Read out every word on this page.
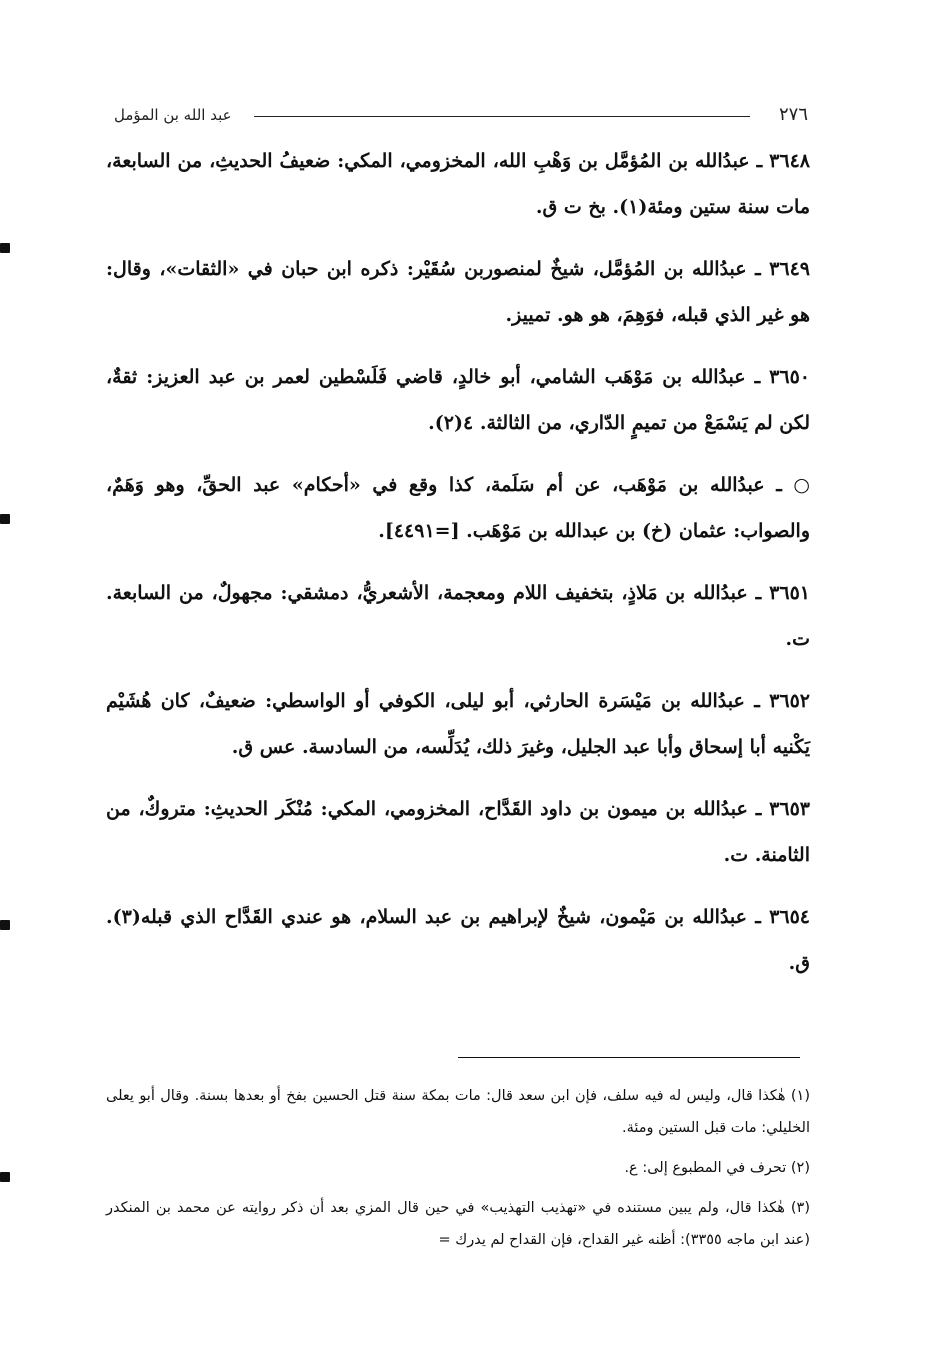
٢٧٦
عبد الله بن المؤمل

٣٦٤٨ ـ عبدُالله بن المُؤمَّل بن وَهْبِ الله، المخزومي، المكي: ضعيفُ الحديثِ، من السابعة، مات سنة ستين ومئة(١). بخ ت ق.

٣٦٤٩ ـ عبدُالله بن المُؤمَّل، شيخٌ لمنصوربن سُقَيْر: ذكره ابن حبان في «الثقات»، وقال: هو غير الذي قبله، فوَهِمَ، هو هو. تمييز.

٣٦٥٠ ـ عبدُالله بن مَوْهَب الشامي، أبو خالدٍ، قاضي فَلَسْطين لعمر بن عبد العزيز: ثقةٌ، لكن لم يَسْمَعْ من تميمٍ الدّاري، من الثالثة. ٤(٢).

○ ـ عبدُالله بن مَوْهَب، عن أم سَلَمة، كذا وقع في «أحكام» عبد الحقِّ، وهو وَهَمٌ، والصواب: عثمان (خ) بن عبدالله بن مَوْهَب. [=٤٤٩١].

٣٦٥١ ـ عبدُالله بن مَلاذٍ، بتخفيف اللام ومعجمة، الأشعريُّ، دمشقي: مجهولٌ، من السابعة. ت.

٣٦٥٢ ـ عبدُالله بن مَيْسَرة الحارثي، أبو ليلى، الكوفي أو الواسطي: ضعيفٌ، كان هُشَيْم يَكْنيه أبا إسحاق وأبا عبد الجليل، وغيرَ ذلك، يُدَلِّسه، من السادسة. عس ق.

٣٦٥٣ ـ عبدُالله بن ميمون بن داود القَدَّاح، المخزومي، المكي: مُنْكَر الحديثِ: متروكٌ، من الثامنة. ت.

٣٦٥٤ ـ عبدُالله بن مَيْمون، شيخٌ لإبراهيم بن عبد السلام، هو عندي القَدَّاح الذي قبله(٣). ق.

(١) هٰكذا قال، وليس له فيه سلف، فإن ابن سعد قال: مات بمكة سنة قتل الحسين بفخ أو بعدها بسنة. وقال أبو يعلى الخليلي: مات قبل الستين ومئة.

(٢) تحرف في المطبوع إلى: ع.

(٣) هٰكذا قال، ولم يبين مستنده في «تهذيب التهذيب» في حين قال المزي بعد أن ذكر روايته عن محمد بن المنكدر (عند ابن ماجه ٣٣٥٥): أظنه غير القداح، فإن القداح لم يدرك =
